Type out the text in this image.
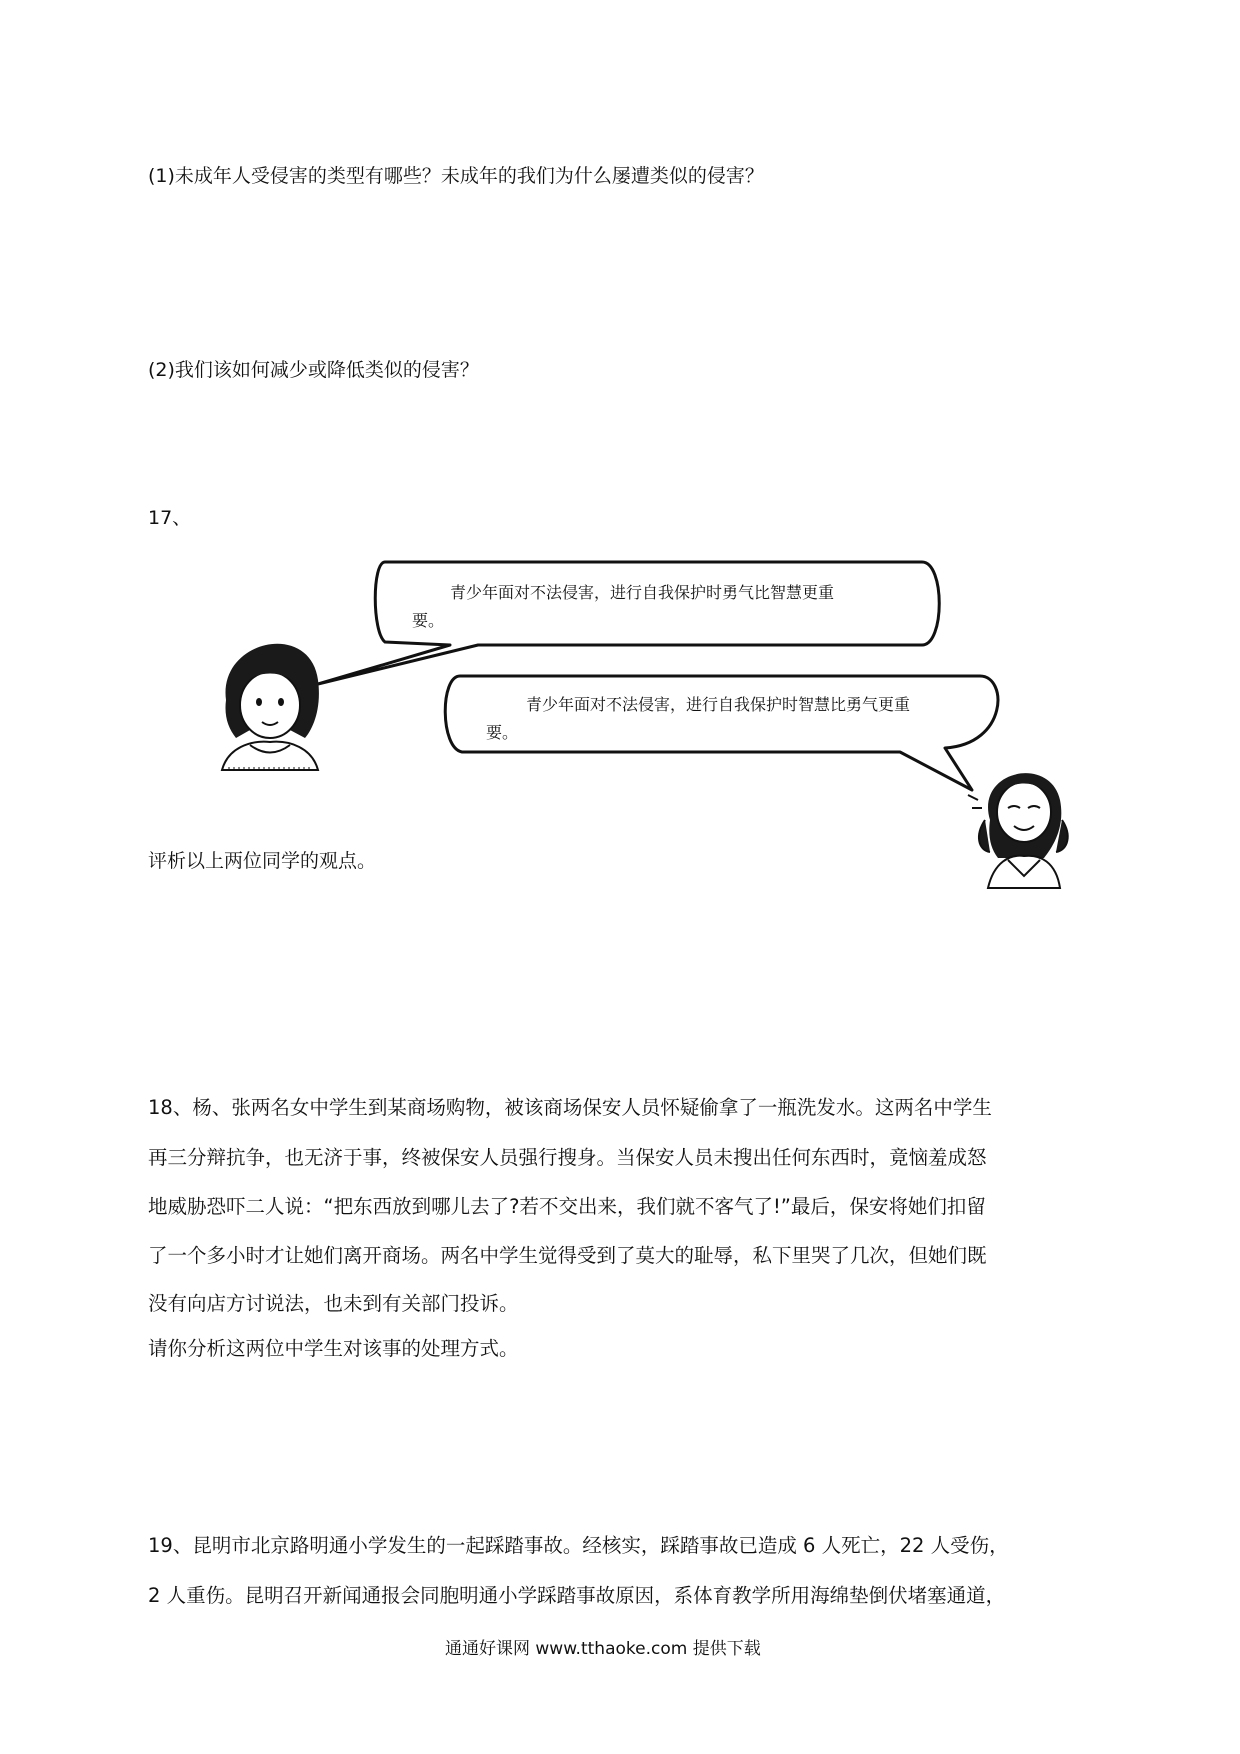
(1)未成年人受侵害的类型有哪些？未成年的我们为什么屡遭类似的侵害？
(2)我们该如何减少或降低类似的侵害？
17、
青少年面对不法侵害，进行自我保护时勇气比智慧更重
要。
青少年面对不法侵害，进行自我保护时智慧比勇气更重
要。
评析以上两位同学的观点。
18、杨、张两名女中学生到某商场购物，被该商场保安人员怀疑偷拿了一瓶洗发水。这两名中学生
再三分辩抗争，也无济于事，终被保安人员强行搜身。当保安人员未搜出任何东西时，竟恼羞成怒
地威胁恐吓二人说：“把东西放到哪儿去了?若不交出来，我们就不客气了!”最后，保安将她们扣留
了一个多小时才让她们离开商场。两名中学生觉得受到了莫大的耻辱，私下里哭了几次，但她们既
没有向店方讨说法，也未到有关部门投诉。
请你分析这两位中学生对该事的处理方式。
19、昆明市北京路明通小学发生的一起踩踏事故。经核实，踩踏事故已造成 6 人死亡，22 人受伤，
2 人重伤。昆明召开新闻通报会同胞明通小学踩踏事故原因，系体育教学所用海绵垫倒伏堵塞通道，
通通好课网 www.tthaoke.com 提供下载
